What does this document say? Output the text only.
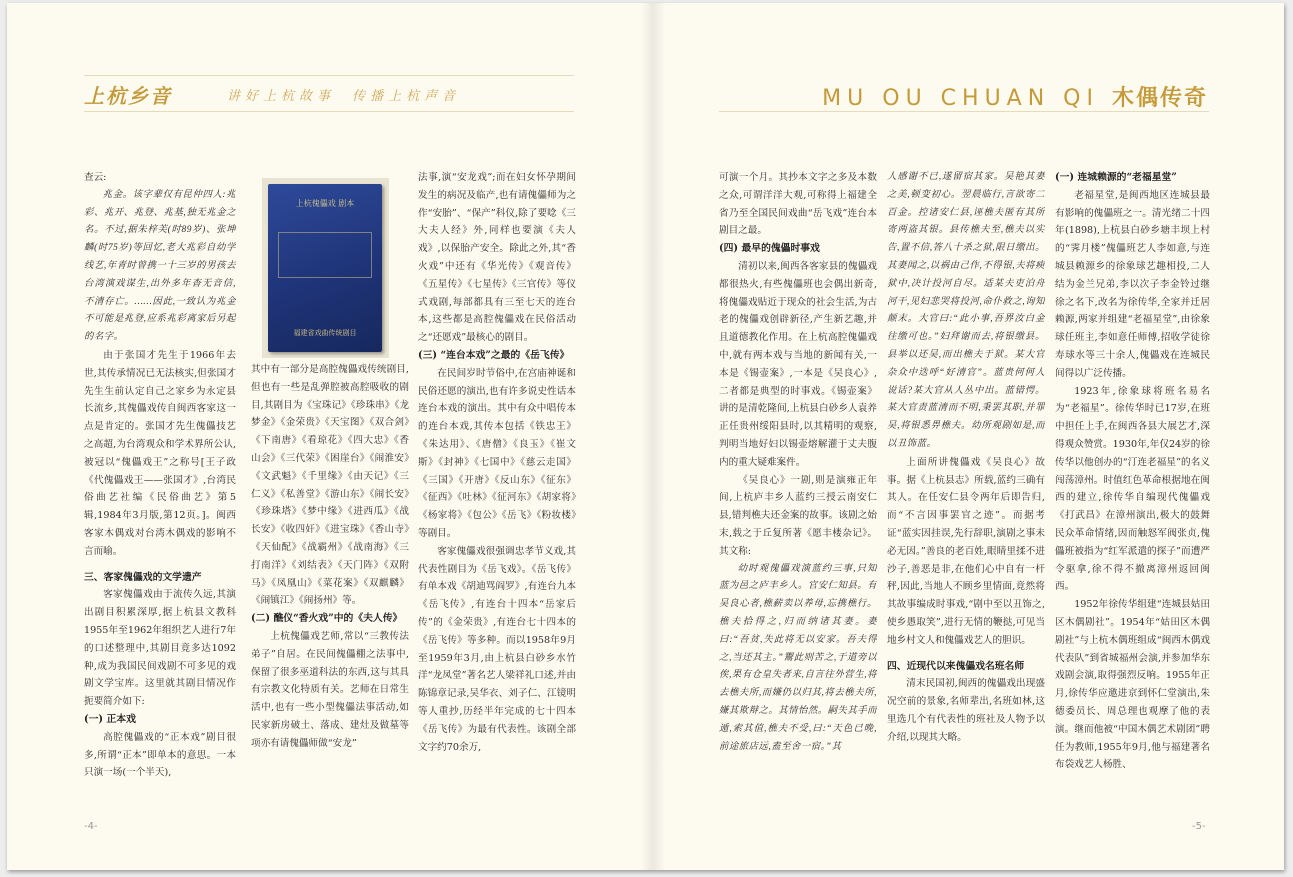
上杭乡音	讲好上杭故事 传播上杭声音	MU OU CHUAN QI 木偶传奇

查云:

兆金。该字辈仅有昆仲四人:兆彩、兆开、兆登、兆基,独无兆金之名。不过,据朱梓芙(时89岁)、张坤麟(时75岁)等回忆,老大兆彩自幼学线艺,年青时曾携一十三岁的男孩去台湾演戏谋生,出外多年杳无音信,不清存亡。……因此,一致认为兆金不可能是兆登,应系兆彩离家后另起的名字。

由于张国才先生于1966年去世,其传承情况已无法核实,但张国才先生生前认定自己之家乡为永定县长流乡,其傀儡戏传自闽西客家这一点是肯定的。张国才先生傀儡技艺之高超,为台湾观众和学术界所公认,被冠以“傀儡戏王”之称号[王子政《代傀儡戏王——张国才》,台湾民俗曲艺社编《民俗曲艺》第5辑,1984年3月版,第12页。]。闽西客家木偶戏对台湾木偶戏的影响不言而喻。

三、客家傀儡戏的文学遗产

客家傀儡戏由于流传久远,其演出剧目积累深厚,据上杭县文教科1955年至1962年组织艺人进行7年的口述整理中,其剧目竟多达1092种,成为我国民间戏剧不可多见的戏剧文学宝库。这里就其剧目情况作扼要简介如下:

(一) 正本戏

高腔傀儡戏的“正本戏”剧目很多,所谓“正本”即单本的意思。一本只演一场(一个半天),

上杭傀儡戏 剧本
福建省戏曲传统剧目

其中有一部分是高腔傀儡戏传统剧目,但也有一些是乱弹腔被高腔吸收的剧目,其剧目为《宝珠记》《珍珠串》《龙梦金》《金荣贵》《天宝图》《双合剑》《下南唐》《看琼花》《四大忠》《香山会》《三代荣》《困崖台》《闹淮安》《文武魁》《千里缘》《由天记》《三仁义》《私善堂》《游山东》《闹长安》《珍珠塔》《梦中缘》《进西瓜》《战长安》《收四奸》《进宝珠》《香山寺》《天仙配》《战霸州》《战南海》《三打南洋》《刘结表》《天门阵》《双附马》《凤凰山》《菜花案》《双麒麟》《闹镇江》《闹扬州》等。

(二) 醮仪“香火戏”中的《夫人传》

上杭傀儡戏艺师,常以“三教传法弟子”自居。在民间傀儡棚之法事中,保留了很多巫道科法的东西,这与其具有宗教文化特质有关。艺师在日常生活中,也有一些小型傀儡法事活动,如民家新房破土、落成、建灶及做墓等项亦有请傀儡师做“安龙”

法事,演“安龙戏”;而在妇女怀孕期间发生的病况及临产,也有请傀儡师为之作“安胎”、“保产”科仪,除了要唸《三大夫人经》外,同样也要演《夫人戏》,以保胎产安全。除此之外,其“香火戏”中还有《华光传》《观音传》《五星传》《七星传》《三官传》等仪式戏剧,每部都具有三至七天的连台本,这些都是高腔傀儡戏在民俗活动之“还愿戏”最核心的剧目。

(三) “连台本戏”之最的《岳飞传》

在民间岁时节俗中,在宫庙神诞和民俗还愿的演出,也有许多说史性话本连台本戏的演出。其中有众中唱传本的连台本戏,其传本包括《铁忠王》《朱达用》、《唐僧》《良玉》《崔文斯》《封神》《七国中》《慈云走国》《三国》《开唐》《反山东》《征东》《征西》《吐林》《征河东》《胡家将》《杨家将》《包公》《岳飞》《粉妆楼》等剧目。

客家傀儡戏很强调忠孝节义戏,其代表性剧目为《岳飞戏》。《岳飞传》有单本戏《胡迪骂阎罗》,有连台九本《岳飞传》,有连台十四本“岳家后传”的《金荣贵》,有连台七十四本的《岳飞传》等多种。而以1958年9月至1959年3月,由上杭县白砂乡水竹洋“龙凤堂”著名艺人梁祥礼口述,并由陈锦章记录,吴华衣、刘子仁、江镜明等人重抄,历经半年完成的七十四本《岳飞传》为最有代表性。该剧全部文字约70余万,

可演一个月。其抄本文字之多及本数之众,可谓洋洋大观,可称得上福建全省乃至全国民间戏曲“岳飞戏”连台本剧目之最。

(四) 最早的傀儡时事戏

清初以来,闽西各客家县的傀儡戏都很热火,有些傀儡班也会偶出新奇,将傀儡戏贴近于现众的社会生活,为古老的傀儡戏创辟新径,产生新艺趣,并且道德教化作用。在上杭高腔傀儡戏中,就有两本戏与当地的新闻有关,一本是《锡壶案》,一本是《吴良心》,二者都是典型的时事戏。《锡壶案》讲的是清乾隆间,上杭县白砂乡人袁养正任贵州绥阳县时,以其精明的观察,判明当地好妇以锡壶熔解灌于丈夫腹内的重大疑难案件。

《吴良心》一剧,则是演雍正年间,上杭庐丰乡人蓝约三授云南安仁县,错判樵夫还金案的故事。该剧之始末,载之于丘复所著《愿丰楼杂记》。其文称:

幼时观傀儡戏演蓝约三事,只知蓝为邑之庐丰乡人。官安仁知县。有吴良心者,樵薪卖以养母,忘携樵行。樵夫拾得之,归而纳诸其妻。妻曰:“吾贫,失此将无以安家。吾夫得之,当还其主。”鬻此则苦之,于道旁以俟,果有仓皇失者来,自言往外营生,将去樵夫所,而嫌仍以归其,将去樵夫所,嫌其欺辩之。其情怡然。嗣失其手而遁,索其值,樵夫不受,曰:“天色已晚,前途旅店远,盍至舍一宿。”其

人感谢不已,遂留宿其家。吴艳其妻之美,顿变初心。翌晨临行,言欲寄二百金。控诸安仁县,诬樵夫匿有其所寄两盗其银。县传樵夫至,樵夫以实告,置不信,答八十杀之狱,限日缴出。其妻闻之,以祸由己作,不得银,夫将瘐狱中,决计投河自尽。适某夫吏泊舟河干,见妇悲哭将投河,命仆救之,询知颠末。大官曰:“此小事,吾界汝白金往缴可也。”妇拜谢而去,将银缴县。县举以还吴,而出樵夫于狱。某大官杂众中迭呼“好清官”。蓝贵何何人说话?某大官从人丛中出。蓝错愕。某大官责蓝清而不明,秉罢其职,并罪吴,将银悉畀樵夫。幼所观剧如是,而以丑饰蓝。

上面所讲傀儡戏《吴良心》故事。据《上杭县志》所载,蓝约三确有其人。在任安仁县令两年后即告归,而“不言因事罢官之迹”。而据考证“蓝实因挂误,先行辞职,演剧之事未必无因。”善良的老百姓,眼睛里揉不进沙子,善恶是非,在他们心中自有一杆秤,因此,当地人不顾乡里情面,竟然将其故事编成时事戏,“剧中至以丑饰之,使乡愚取笑”,进行无情的鞭挞,可见当地乡村文人和傀儡戏艺人的胆识。

四、近现代以来傀儡戏名班名师

清末民国初,闽西的傀儡戏出现盛况空前的景象,名师辈出,名班如林,这里选几个有代表性的班社及人物予以介绍,以现其大略。

(一) 连城赖源的“老福星堂”

老福星堂,是闽西地区连城县最有影响的傀儡班之一。清光绪二十四年(1898),上杭县白砂乡塘丰坝上村的“霁月楼”傀儡班艺人李如意,与连城县赖源乡的徐象球艺趣相投,二人结为金兰兄弟,李以次子李金铃过继徐之名下,改名为徐传华,全家并迁居赖源,两家并组建“老福星堂”,由徐象球任班主,李如意任师傅,招收学徒徐寿球水等三十余人,傀儡戏在连城民间得以广泛传播。

1923年,徐象球将班名易名为“老福星”。徐传华时已17岁,在班中担任上手,在闽西各县大展艺才,深得观众赞赏。1930年,年仅24岁的徐传华以他创办的“汀连老福星”的名义闯荡漳州。时值红色革命根据地在闽西的建立,徐传华自编现代傀儡戏《打武昌》在漳州演出,极大的鼓舞民众革命情绪,因而触怒军阀张贞,傀儡班被指为“红军派遣的探子”而遭严令驱拿,徐不得不撤离漳州返回闽西。

1952年徐传华组建“连城县姑田区木偶剧社”。1954年“姑田区木偶剧社”与上杭木偶班组成“闽西木偶戏代表队”到省城福州会演,并参加华东戏剧会演,取得强烈反响。1955年正月,徐传华应邀进京到怀仁堂演出,朱德委员长、周总理也观摩了他的表演。继而他被“中国木偶艺术剧团”聘任为教师,1955年9月,他与福建著名布袋戏艺人杨胜、

-4-	-5-
